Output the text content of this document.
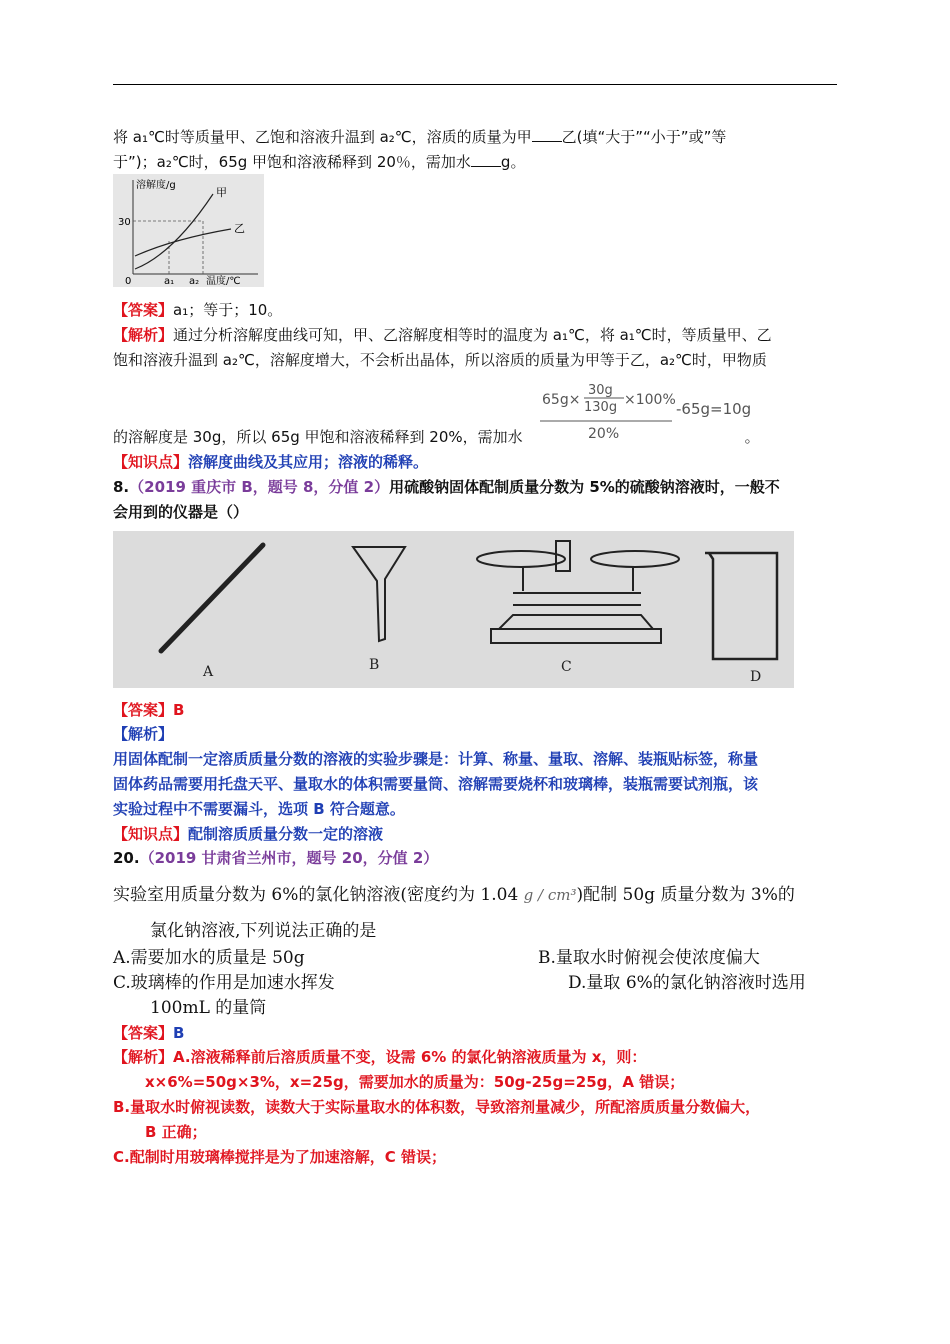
将 a₁℃时等质量甲、乙饱和溶液升温到 a₂℃，溶质的质量为甲 乙(填“大于”“小于”或”等
于”)；a₂℃时，65g 甲饱和溶液稀释到 20％，需加水 g。
溶解度/g
30
0	a₁ a₂ 温度/℃
甲
乙
【答案】a₁；等于；10。
【解析】通过分析溶解度曲线可知，甲、乙溶解度相等时的温度为 a₁℃，将 a₁℃时，等质量甲、乙
饱和溶液升温到 a₂℃，溶解度增大，不会析出晶体，所以溶质的质量为甲等于乙，a₂℃时，甲物质
65g×
30g
130g ×100%
20%
-65g=10g
的溶解度是 30g，所以 65g 甲饱和溶液稀释到 20%，需加水	。
【知识点】溶解度曲线及其应用；溶液的稀释。
8.（2019 重庆市 B，题号 8，分值 2）用硫酸钠固体配制质量分数为 5%的硫酸钠溶液时，一般不
会用到的仪器是（）
A	B	C
D
【答案】B
【解析】
用固体配制一定溶质质量分数的溶液的实验步骤是：计算、称量、量取、溶解、装瓶贴标签，称量
固体药品需要用托盘天平、量取水的体积需要量筒、溶解需要烧杯和玻璃棒，装瓶需要试剂瓶，该
实验过程中不需要漏斗，选项 B 符合题意。
【知识点】配制溶质质量分数一定的溶液
20.（2019 甘肃省兰州市，题号 20，分值 2）
实验室用质量分数为 6%的氯化钠溶液(密度约为 1.04 g / cm³)配制 50g 质量分数为 3%的
氯化钠溶液,下列说法正确的是
A.需要加水的质量是 50g	B.量取水时俯视会使浓度偏大
C.玻璃棒的作用是加速水挥发	D.量取 6%的氯化钠溶液时选用
100mL 的量筒
【答案】B
【解析】A.溶液稀释前后溶质质量不变，设需 6% 的氯化钠溶液质量为 x，则：
x×6%=50g×3%，x=25g，需要加水的质量为：50g-25g=25g，A 错误；
B.量取水时俯视读数，读数大于实际量取水的体积数，导致溶剂量减少，所配溶质质量分数偏大，
B 正确；
C.配制时用玻璃棒搅拌是为了加速溶解，C 错误；
